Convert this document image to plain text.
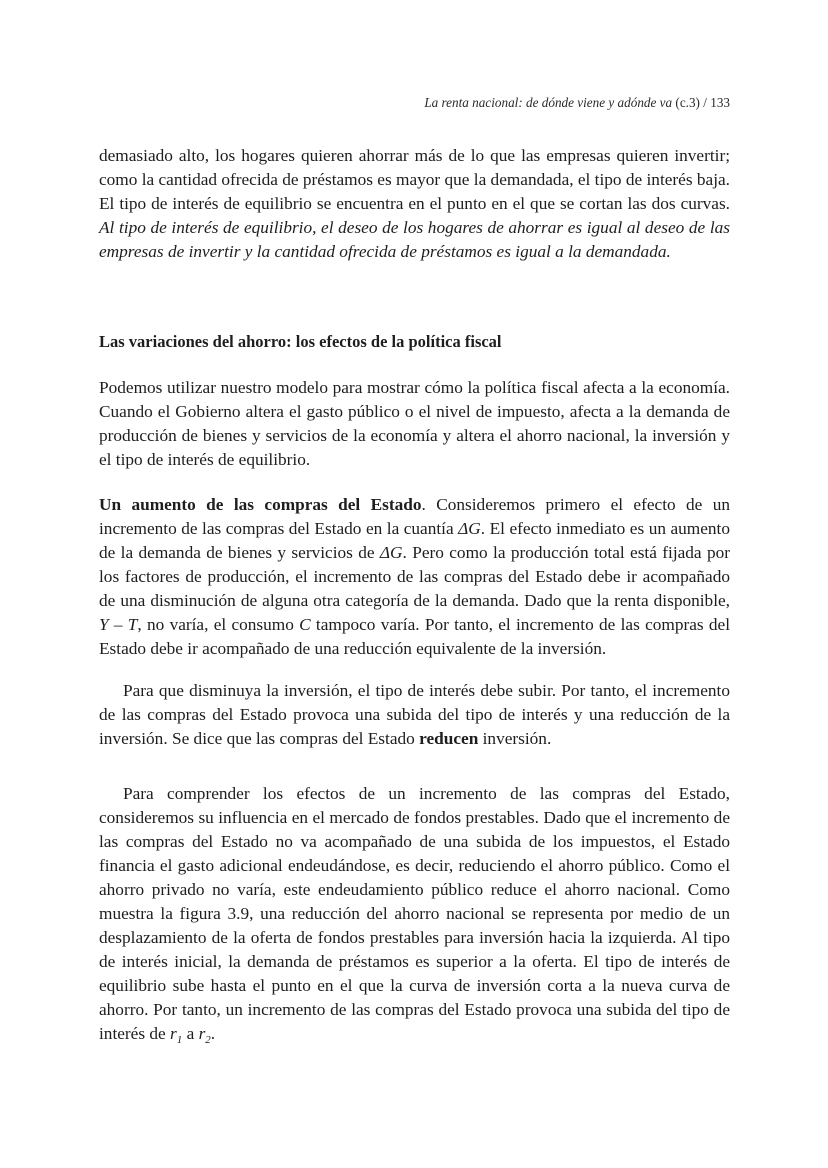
La renta nacional: de dónde viene y adónde va (c.3) / 133

demasiado alto, los hogares quieren ahorrar más de lo que las empresas quieren invertir; como la cantidad ofrecida de préstamos es mayor que la demandada, el tipo de interés baja. El tipo de interés de equilibrio se encuentra en el punto en el que se cortan las dos curvas. Al tipo de interés de equilibrio, el deseo de los hogares de ahorrar es igual al deseo de las empresas de invertir y la cantidad ofrecida de préstamos es igual a la demandada.

Las variaciones del ahorro: los efectos de la política fiscal

Podemos utilizar nuestro modelo para mostrar cómo la política fiscal afecta a la economía. Cuando el Gobierno altera el gasto público o el nivel de impuesto, afecta a la demanda de producción de bienes y servicios de la economía y altera el ahorro nacional, la inversión y el tipo de interés de equilibrio.

Un aumento de las compras del Estado. Consideremos primero el efecto de un incremento de las compras del Estado en la cuantía ΔG. El efecto inmediato es un aumento de la demanda de bienes y servicios de ΔG. Pero como la producción total está fijada por los factores de producción, el incremento de las compras del Estado debe ir acompañado de una disminución de alguna otra categoría de la demanda. Dado que la renta disponible, Y – T, no varía, el consumo C tampoco varía. Por tanto, el incremento de las compras del Estado debe ir acompañado de una reducción equivalente de la inversión.

Para que disminuya la inversión, el tipo de interés debe subir. Por tanto, el incremento de las compras del Estado provoca una subida del tipo de interés y una reducción de la inversión. Se dice que las compras del Estado reducen inversión.

Para comprender los efectos de un incremento de las compras del Estado, consideremos su influencia en el mercado de fondos prestables. Dado que el incremento de las compras del Estado no va acompañado de una subida de los impuestos, el Estado financia el gasto adicional endeudándose, es decir, reduciendo el ahorro público. Como el ahorro privado no varía, este endeudamiento público reduce el ahorro nacional. Como muestra la figura 3.9, una reducción del ahorro nacional se representa por medio de un desplazamiento de la oferta de fondos prestables para inversión hacia la izquierda. Al tipo de interés inicial, la demanda de préstamos es superior a la oferta. El tipo de interés de equilibrio sube hasta el punto en el que la curva de inversión corta a la nueva curva de ahorro. Por tanto, un incremento de las compras del Estado provoca una subida del tipo de interés de $r_1$ a $r_2$.
